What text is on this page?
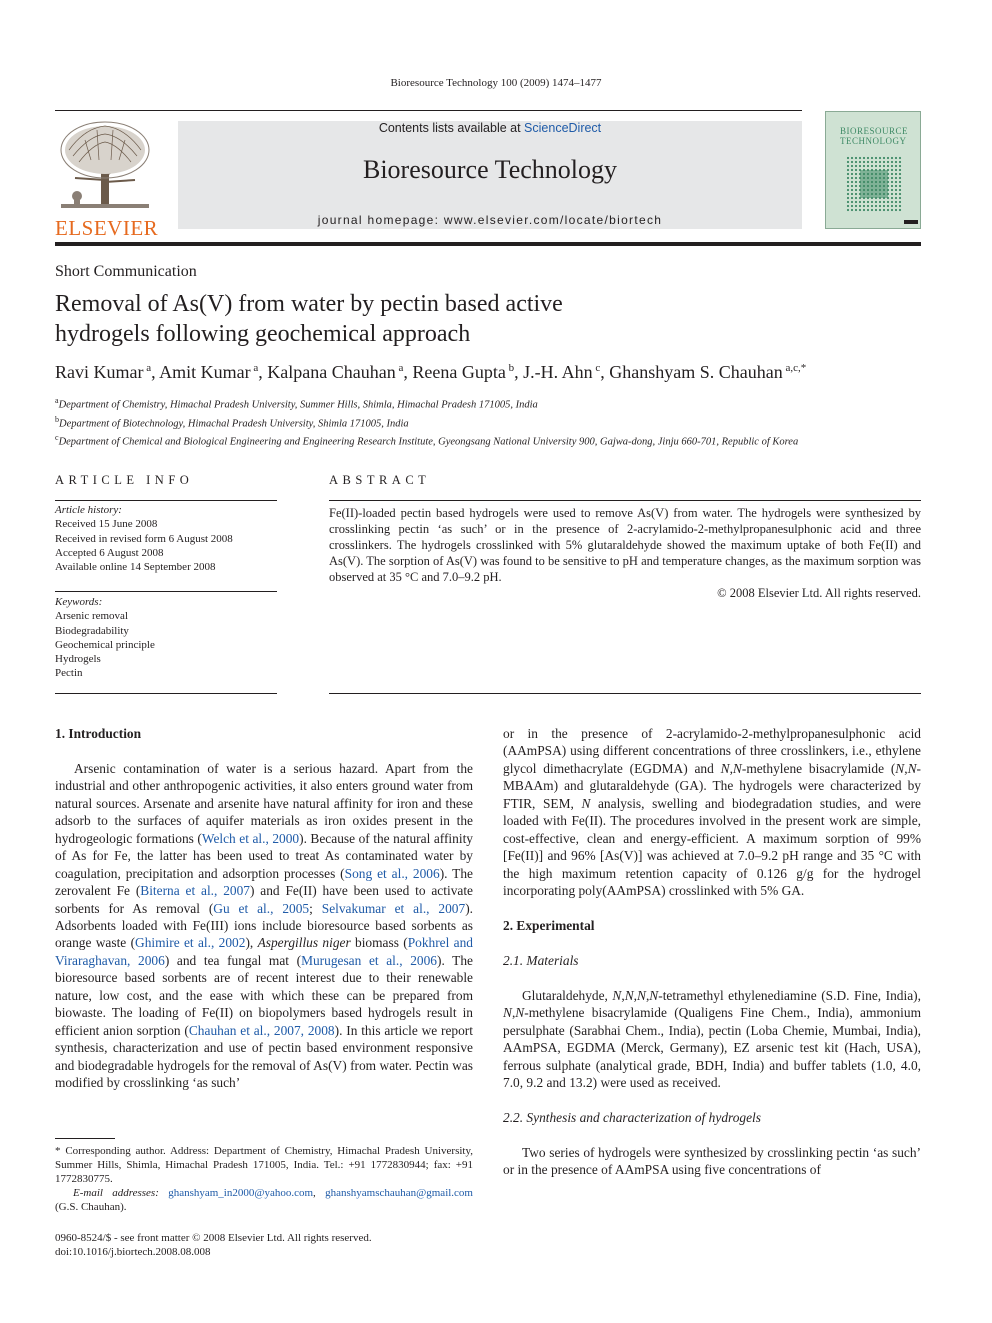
Bioresource Technology 100 (2009) 1474–1477
ELSEVIER
Contents lists available at ScienceDirect
Bioresource Technology
journal homepage: www.elsevier.com/locate/biortech
BIORESOURCE
TECHNOLOGY
Short Communication
Removal of As(V) from water by pectin based active
hydrogels following geochemical approach
Ravi Kumar $^a$, Amit Kumar $^a$, Kalpana Chauhan $^a$, Reena Gupta $^b$, J.-H. Ahn $^c$, Ghanshyam S. Chauhan $^{a,c,*}$
$^a$Department of Chemistry, Himachal Pradesh University, Summer Hills, Shimla, Himachal Pradesh 171005, India
$^b$Department of Biotechnology, Himachal Pradesh University, Shimla 171005, India
$^c$Department of Chemical and Biological Engineering and Engineering Research Institute, Gyeongsang National University 900, Gajwa-dong, Jinju 660-701, Republic of Korea
ARTICLE INFO	ABSTRACT
Article history:
Received 15 June 2008
Received in revised form 6 August 2008
Accepted 6 August 2008
Available online 14 September 2008
Keywords:
Arsenic removal
Biodegradability
Geochemical principle
Hydrogels
Pectin
Fe(II)-loaded pectin based hydrogels were used to remove As(V) from water. The hydrogels were synthesized by crosslinking pectin ‘as such’ or in the presence of 2-acrylamido-2-methylpropanesulphonic acid and three crosslinkers. The hydrogels crosslinked with 5% glutaraldehyde showed the maximum uptake of both Fe(II) and As(V). The sorption of As(V) was found to be sensitive to pH and temperature changes, as the maximum sorption was observed at 35 °C and 7.0–9.2 pH.
© 2008 Elsevier Ltd. All rights reserved.

1. Introduction

Arsenic contamination of water is a serious hazard. Apart from the industrial and other anthropogenic activities, it also enters ground water from natural sources. Arsenate and arsenite have natural affinity for iron and these adsorb to the surfaces of aquifer materials as iron oxides present in the hydrogeologic formations (Welch et al., 2000). Because of the natural affinity of As for Fe, the latter has been used to treat As contaminated water by coagulation, precipitation and adsorption processes (Song et al., 2006). The zerovalent Fe (Biterna et al., 2007) and Fe(II) have been used to activate sorbents for As removal (Gu et al., 2005; Selvakumar et al., 2007). Adsorbents loaded with Fe(III) ions include bioresource based sorbents as orange waste (Ghimire et al., 2002), Aspergillus niger biomass (Pokhrel and Viraraghavan, 2006) and tea fungal mat (Murugesan et al., 2006). The bioresource based sorbents are of recent interest due to their renewable nature, low cost, and the ease with which these can be prepared from biowaste. The loading of Fe(II) on biopolymers based hydrogels result in efficient anion sorption (Chauhan et al., 2007, 2008). In this article we report synthesis, characterization and use of pectin based environment responsive and biodegradable hydrogels for the removal of As(V) from water. Pectin was modified by crosslinking ‘as such’

or in the presence of 2-acrylamido-2-methylpropanesulphonic acid (AAmPSA) using different concentrations of three crosslinkers, i.e., ethylene glycol dimethacrylate (EGDMA) and N,N-methylene bisacrylamide (N,N-MBAAm) and glutaraldehyde (GA). The hydrogels were characterized by FTIR, SEM, N analysis, swelling and biodegradation studies, and were loaded with Fe(II). The procedures involved in the present work are simple, cost-effective, clean and energy-efficient. A maximum sorption of 99% [Fe(II)] and 96% [As(V)] was achieved at 7.0–9.2 pH range and 35 °C with the high maximum retention capacity of 0.126 g/g for the hydrogel incorporating poly(AAmPSA) crosslinked with 5% GA.

2. Experimental

2.1. Materials

Glutaraldehyde, N,N,N,N-tetramethyl ethylenediamine (S.D. Fine, India), N,N-methylene bisacrylamide (Qualigens Fine Chem., India), ammonium persulphate (Sarabhai Chem., India), pectin (Loba Chemie, Mumbai, India), AAmPSA, EGDMA (Merck, Germany), EZ arsenic test kit (Hach, USA), ferrous sulphate (analytical grade, BDH, India) and buffer tablets (1.0, 4.0, 7.0, 9.2 and 13.2) were used as received.

2.2. Synthesis and characterization of hydrogels

Two series of hydrogels were synthesized by crosslinking pectin ‘as such’ or in the presence of AAmPSA using five concentrations of

* Corresponding author. Address: Department of Chemistry, Himachal Pradesh University, Summer Hills, Shimla, Himachal Pradesh 171005, India. Tel.: +91 1772830944; fax: +91 1772830775.
E-mail addresses: ghanshyam_in2000@yahoo.com, ghanshyamschauhan@gmail.com (G.S. Chauhan).
0960-8524/$ - see front matter © 2008 Elsevier Ltd. All rights reserved.
doi:10.1016/j.biortech.2008.08.008
